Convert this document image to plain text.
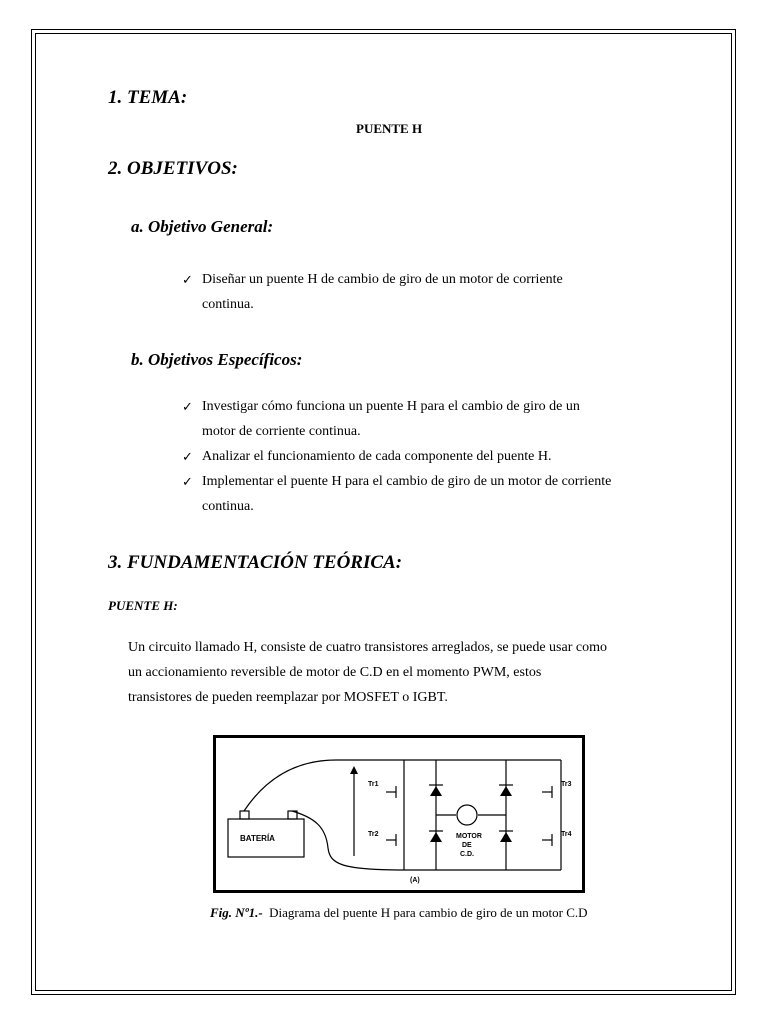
1. TEMA:
PUENTE H
2. OBJETIVOS:
a. Objetivo General:
✓ Diseñar un puente H de cambio de giro de un motor de corriente
continua.
b. Objetivos Específicos:
✓ Investigar cómo funciona un puente H para el cambio de giro de un
motor de corriente continua.
✓ Analizar el funcionamiento de cada componente del puente H.
✓ Implementar el puente H para el cambio de giro de un motor de corriente
continua.
3. FUNDAMENTACIÓN TEÓRICA:
PUENTE H:
Un circuito llamado H, consiste de cuatro transistores arreglados, se puede usar como
un accionamiento reversible de motor de C.D en el momento PWM, estos
transistores de pueden reemplazar por MOSFET o IGBT.
BATERÍA
Tr1
Tr2
Tr3
Tr4
MOTOR
DE
C.D.
(A)
Fig. Nº1.- Diagrama del puente H para cambio de giro de un motor C.D
